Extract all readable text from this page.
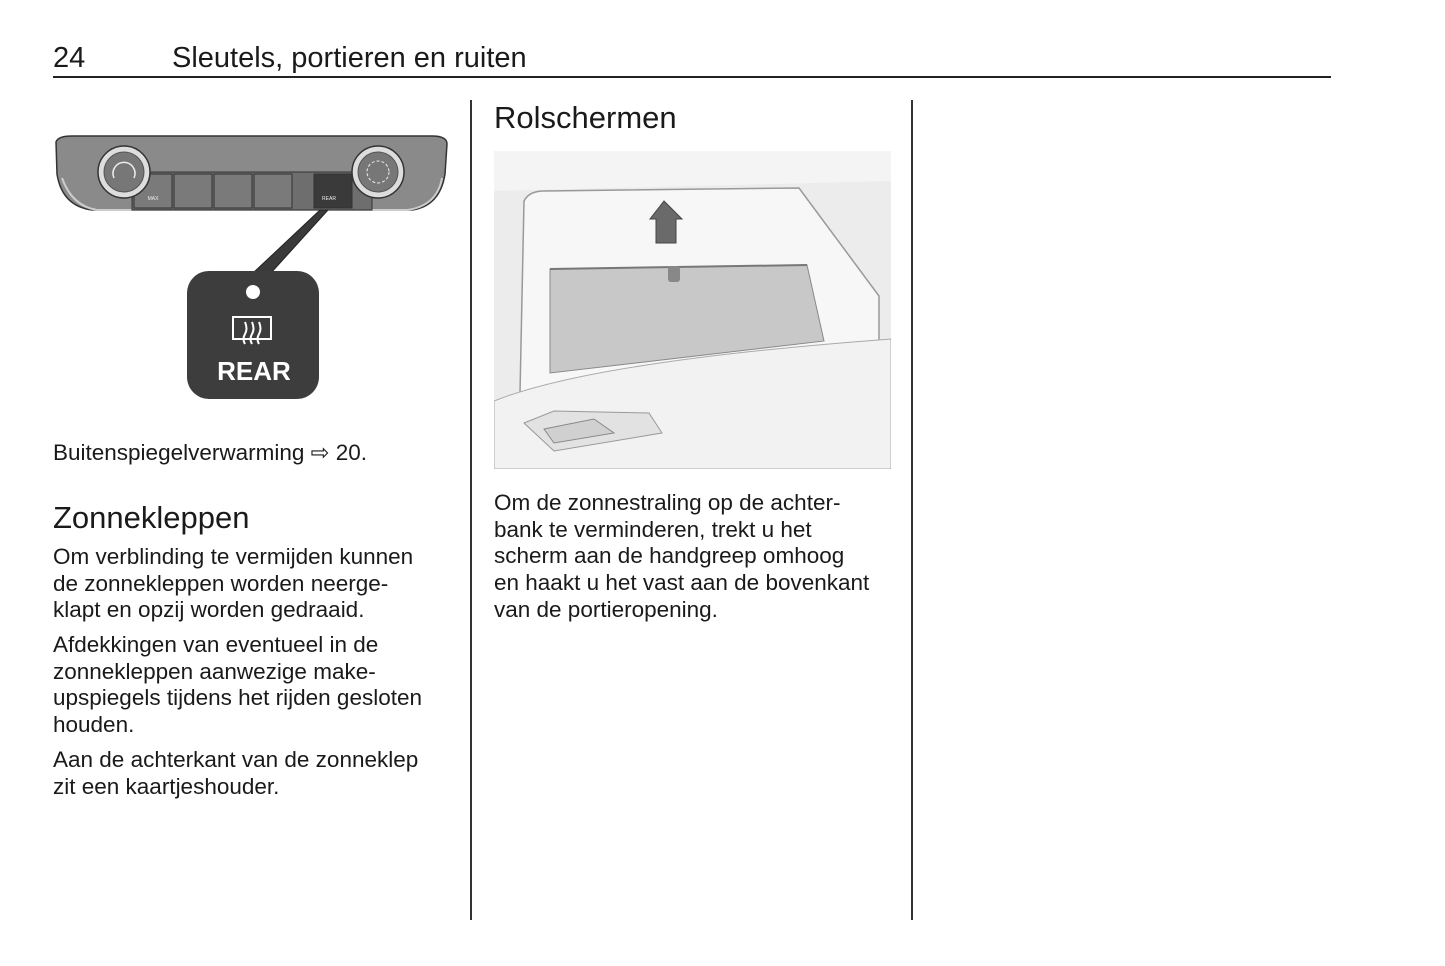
24	Sleutels, portieren en ruiten
MAX	REAR
REAR
Buitenspiegelverwarming ⇨ 20.
Zonnekleppen
Om verblinding te vermijden kunnen
de zonnekleppen worden neerge-
klapt en opzij worden gedraaid.
Afdekkingen van eventueel in de
zonnekleppen aanwezige make-
upspiegels tijdens het rijden gesloten
houden.
Aan de achterkant van de zonneklep
zit een kaartjeshouder.
Rolschermen
Om de zonnestraling op de achter-
bank te verminderen, trekt u het
scherm aan de handgreep omhoog
en haakt u het vast aan de bovenkant
van de portieropening.
